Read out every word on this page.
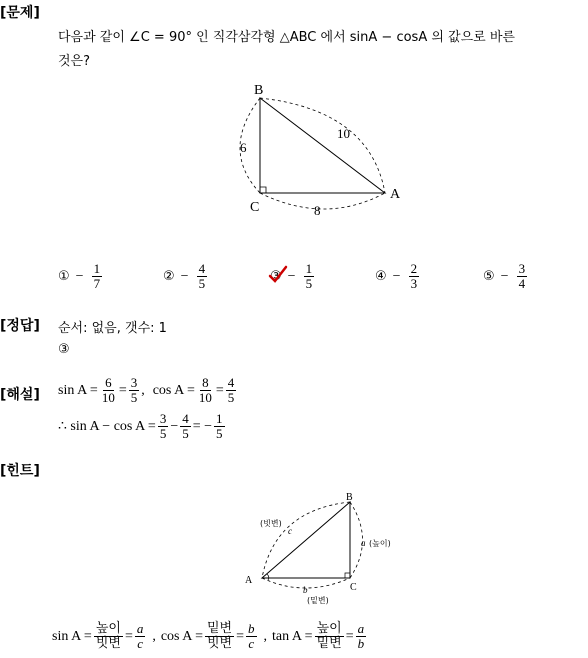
[문제]
[정답]
[해설]
[힌트]
다음과 같이 ∠C = 90° 인 직각삼각형 △ABC 에서 sinA − cosA 의 값으로 바른
것은?
B
A
C
6
10
8
① − $\frac{1}{7}$	② − $\frac{4}{5}$	③ − $\frac{1}{5}$	④ − $\frac{2}{3}$	⑤ − $\frac{3}{4}$
순서: 없음, 갯수: 1
③
$\sin A = \frac{6}{10} = \frac{3}{5}$ , $\cos A = \frac{8}{10} = \frac{4}{5}$
∴ $\sin A - \cos A = \frac{3}{5} - \frac{4}{5}$ = − $\frac{1}{5}$
B
A
C
(빗변)
c
a (높이)
b
(밑변)
$\sin A = \frac{\text{높이}}{\text{빗변}} = \frac{a}{c}$ , $\cos A = \frac{\text{밑변}}{\text{빗변}} = \frac{b}{c}$ , $\tan A = \frac{\text{높이}}{\text{밑변}} = \frac{a}{b}$
